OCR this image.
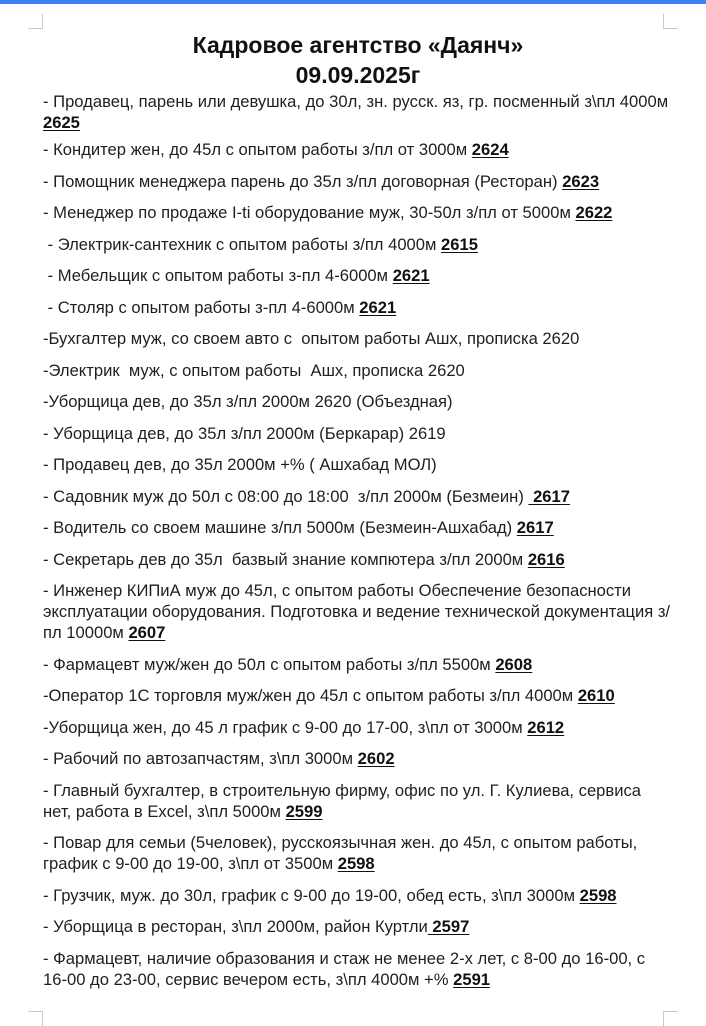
Кадровое агентство «Даянч»
09.09.2025г
- Продавец, парень или девушка, до 30л, зн. русск. яз, гр. посменный з\пл 4000м 2625
- Кондитер жен, до 45л с опытом работы з/пл от 3000м 2624
- Помощник менеджера парень до 35л з/пл договорная (Ресторан) 2623
- Менеджер по продаже I-ti оборудование муж, 30-50л з/пл от 5000м 2622
- Электрик-сантехник с опытом работы з/пл 4000м 2615
- Мебельщик с опытом работы з-пл 4-6000м 2621
- Столяр с опытом работы з-пл 4-6000м 2621
-Бухгалтер муж, со своем авто с  опытом работы Ашх, прописка 2620
-Электрик  муж, с опытом работы  Ашх, прописка 2620
-Уборщица дев, до 35л з/пл 2000м 2620 (Объездная)
- Уборщица дев, до 35л з/пл 2000м (Беркарар) 2619
- Продавец дев, до 35л 2000м +% ( Ашхабад МОЛ)
- Садовник муж до 50л с 08:00 до 18:00  з/пл 2000м (Безмеин)  2617
- Водитель со своем машине з/пл 5000м (Безмеин-Ашхабад) 2617
- Секретарь дев до 35л  базвый знание компютера з/пл 2000м 2616
- Инженер КИПиА муж до 45л, с опытом работы Обеспечение безопасности эксплуатации оборудования. Подготовка и ведение технической документация з/пл 10000м 2607
- Фармацевт муж/жен до 50л с опытом работы з/пл 5500м 2608
-Оператор 1С торговля муж/жен до 45л с опытом работы з/пл 4000м 2610
-Уборщица жен, до 45 л график с 9-00 до 17-00, з\пл от 3000м 2612
- Рабочий по автозапчастям, з\пл 3000м 2602
- Главный бухгалтер, в строительную фирму, офис по ул. Г. Кулиева, сервиса нет, работа в Excel, з\пл 5000м 2599
- Повар для семьи (5человек), русскоязычная жен. до 45л, с опытом работы, график с 9-00 до 19-00, з\пл от 3500м 2598
- Грузчик, муж. до 30л, график с 9-00 до 19-00, обед есть, з\пл 3000м 2598
- Уборщица в ресторан, з\пл 2000м, район Куртли 2597
- Фармацевт, наличие образования и стаж не менее 2-х лет, с 8-00 до 16-00, с 16-00 до 23-00, сервис вечером есть, з\пл 4000м +% 2591
